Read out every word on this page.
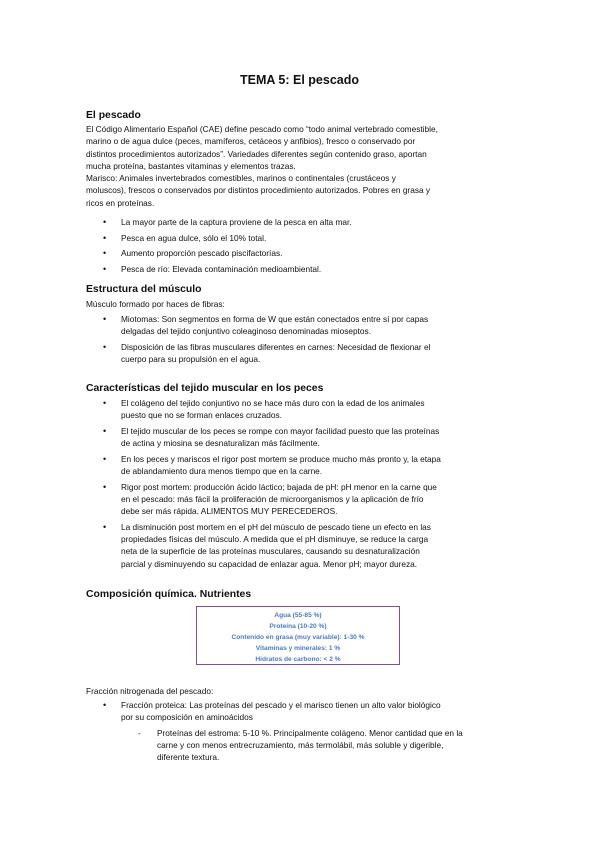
TEMA 5: El pescado
El pescado
El Código Alimentario Español (CAE) define pescado como “todo animal vertebrado comestible,
marino o de agua dulce (peces, mamíferos, cetáceos y anfibios), fresco o conservado por
distintos procedimientos autorizados”. Variedades diferentes según contenido graso, aportan
mucha proteína, bastantes vitaminas y elementos trazas.
Marisco: Animales invertebrados comestibles, marinos o continentales (crustáceos y
moluscos), frescos o conservados por distintos procedimiento autorizados. Pobres en grasa y
ricos en proteínas.
• La mayor parte de la captura proviene de la pesca en alta mar.
• Pesca en agua dulce, sólo el 10% total.
• Aumento proporción pescado piscifactorías.
• Pesca de río: Elevada contaminación medioambiental.
Estructura del músculo
Músculo formado por haces de fibras:
• Miotomas: Son segmentos en forma de W que están conectados entre sí por capas
delgadas del tejido conjuntivo coleaginoso denominadas mioseptos.
• Disposición de las fibras musculares diferentes en carnes: Necesidad de flexionar el
cuerpo para su propulsión en el agua.
Características del tejido muscular en los peces
• El colágeno del tejido conjuntivo no se hace más duro con la edad de los animales
puesto que no se forman enlaces cruzados.
• El tejido muscular de los peces se rompe con mayor facilidad puesto que las proteínas
de actina y miosina se desnaturalizan más fácilmente.
• En los peces y mariscos el rigor post mortem se produce mucho más pronto y, la etapa
de ablandamiento dura menos tiempo que en la carne.
• Rigor post mortem: producción ácido láctico; bajada de pH: pH menor en la carne que
en el pescado: más fácil la proliferación de microorganismos y la aplicación de frío
debe ser más rápida. ALIMENTOS MUY PERECEDEROS.
• La disminución post mortem en el pH del músculo de pescado tiene un efecto en las
propiedades físicas del músculo. A medida que el pH disminuye, se reduce la carga
neta de la superficie de las proteínas musculares, causando su desnaturalización
parcial y disminuyendo su capacidad de enlazar agua. Menor pH; mayor dureza.
Composición química. Nutrientes
Agua (55-85 %)
Proteína (10-20 %)
Contenido en grasa (muy variable): 1-30 %
Vitaminas y minerales: 1 %
Hidratos de carbono: < 2 %
Fracción nitrogenada del pescado:
• Fracción proteica: Las proteínas del pescado y el marisco tienen un alto valor biológico
por su composición en aminoácidos
- Proteínas del estroma: 5-10 %. Principalmente colágeno. Menor cantidad que en la
carne y con menos entrecruzamiento, más termolábil, más soluble y digerible,
diferente textura.
